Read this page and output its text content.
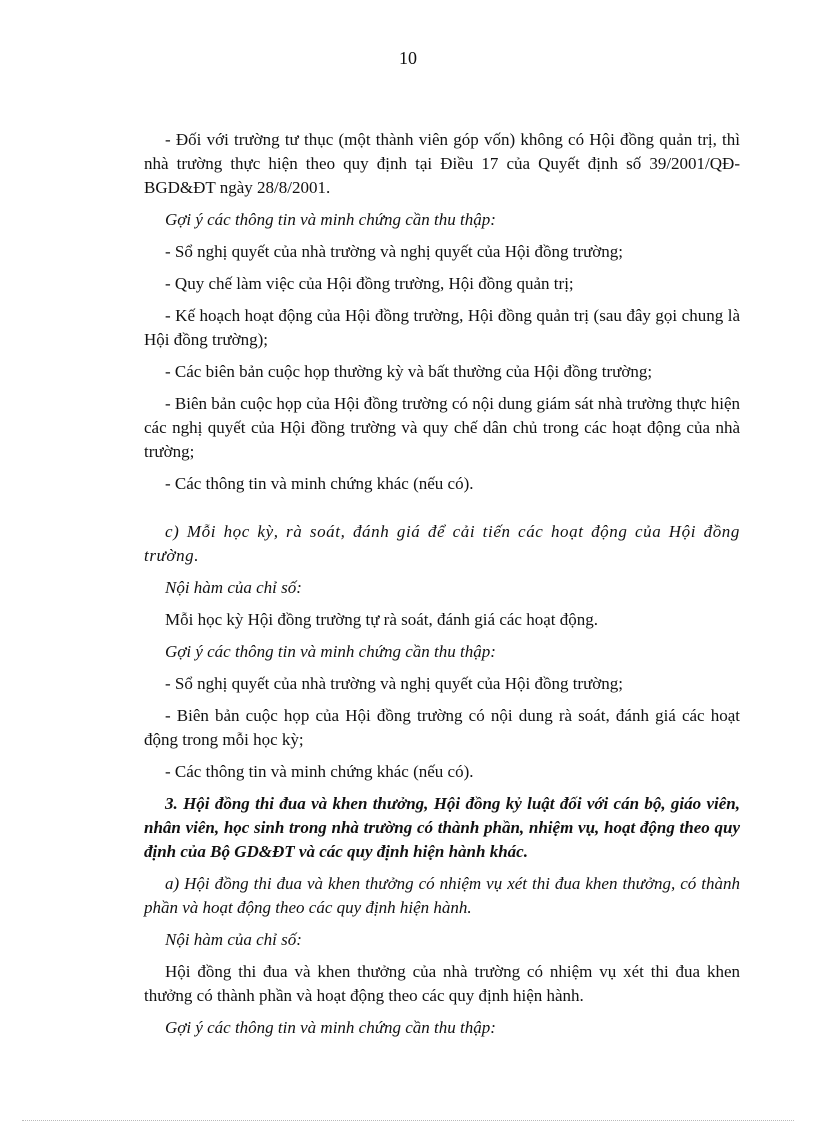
10

- Đối với trường tư thục (một thành viên góp vốn) không có Hội đồng quản trị, thì nhà trường thực hiện theo quy định tại Điều 17 của Quyết định số 39/2001/QĐ-BGD&ĐT ngày 28/8/2001.

Gợi ý các thông tin và minh chứng cần thu thập:

- Sổ nghị quyết của nhà trường và nghị quyết của Hội đồng trường;

- Quy chế làm việc của Hội đồng trường, Hội đồng quản trị;

- Kế hoạch hoạt động của Hội đồng trường, Hội đồng quản trị (sau đây gọi chung là Hội đồng trường);

- Các biên bản cuộc họp thường kỳ và bất thường của Hội đồng trường;

- Biên bản cuộc họp của Hội đồng trường có nội dung giám sát nhà trường thực hiện các nghị quyết của Hội đồng trường và quy chế dân chủ trong các hoạt động của nhà trường;

- Các thông tin và minh chứng khác (nếu có).

c) Mỗi học kỳ, rà soát, đánh giá để cải tiến các hoạt động của Hội đồng trường.

Nội hàm của chỉ số:

Mỗi học kỳ Hội đồng trường tự rà soát, đánh giá các hoạt động.

Gợi ý các thông tin và minh chứng cần thu thập:

- Sổ nghị quyết của nhà trường và nghị quyết của Hội đồng trường;

- Biên bản cuộc họp của Hội đồng trường có nội dung rà soát, đánh giá các hoạt động trong mỗi học kỳ;

- Các thông tin và minh chứng khác (nếu có).

3. Hội đồng thi đua và khen thưởng, Hội đồng kỷ luật đối với cán bộ, giáo viên, nhân viên, học sinh trong nhà trường có thành phần, nhiệm vụ, hoạt động theo quy định của Bộ GD&ĐT và các quy định hiện hành khác.

a) Hội đồng thi đua và khen thưởng có nhiệm vụ xét thi đua khen thưởng, có thành phần và hoạt động theo các quy định hiện hành.

Nội hàm của chỉ số:

Hội đồng thi đua và khen thưởng của nhà trường có nhiệm vụ xét thi đua khen thưởng có thành phần và hoạt động theo các quy định hiện hành.

Gợi ý các thông tin và minh chứng cần thu thập:
